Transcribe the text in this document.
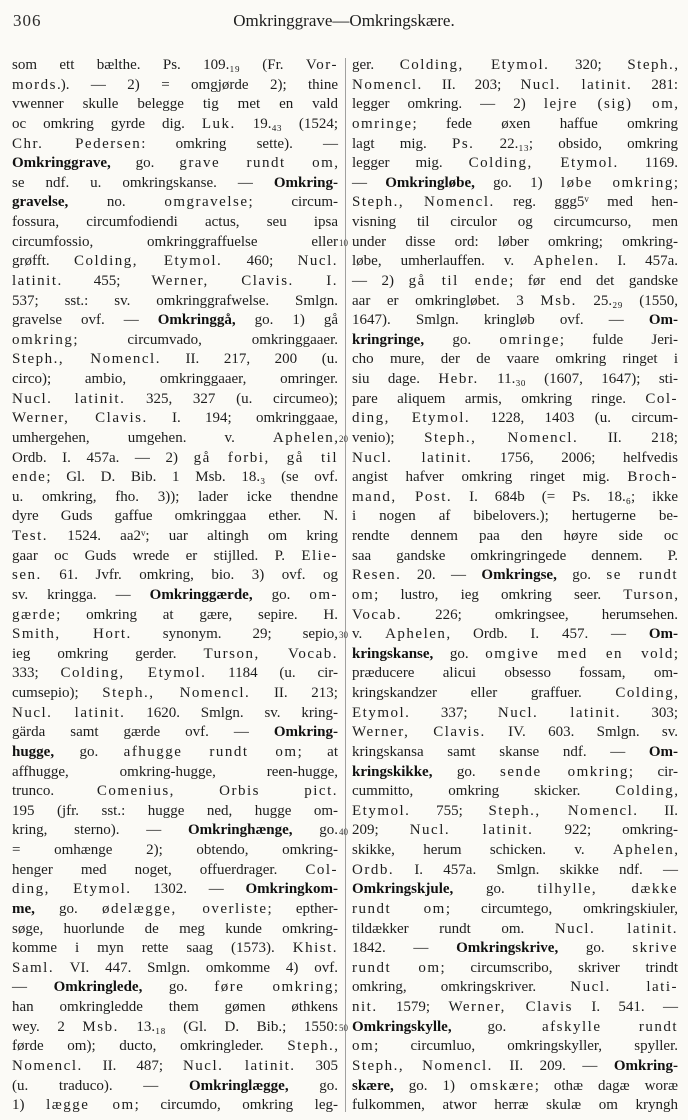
306	Omkringgrave—Omkringskære.
som ett bælthe. Ps. 109.₁₉ (Fr. Vor-
mords.). — 2) = omgjørde 2); thine
vwenner skulle belegge tig met en vald
oc omkring gyrde dig. Luk. 19.₄₃ (1524;
Chr. Pedersen: omkring sette). —
Omkringgrave, go. grave rundt om,
se ndf. u. omkringskanse. — Omkring-
gravelse, no. omgravelse; circum-
fossura, circumfodiendi actus, seu ipsa
circumfossio, omkringgraffuelse eller
grøfft. Colding, Etymol. 460; Nucl.
latinit. 455; Werner, Clavis. I.
537; sst.: sv. omkringgrafwelse. Smlgn.
gravelse ovf. — Omkringgå, go. 1) gå
omkring; circumvado, omkringgaaer.
Steph., Nomencl. II. 217, 200 (u.
circo); ambio, omkringgaaer, omringer.
Nucl. latinit. 325, 327 (u. circumeo);
Werner, Clavis. I. 194; omkringgaae,
umhergehen, umgehen. v. Aphelen,
Ordb. I. 457a. — 2) gå forbi, gå til
ende; Gl. D. Bib. 1 Msb. 18.₃ (se ovf.
u. omkring, fho. 3)); lader icke thendne
dyre Guds gaffue omkringgaa ether. N.
Test. 1524. aa2ᵛ; uar altingh om kring
gaar oc Guds wrede er stijlled. P. Elie-
sen. 61. Jvfr. omkring, bio. 3) ovf. og
sv. kringga. — Omkringgærde, go. om-
gærde; omkring at gære, sepire. H.
Smith, Hort. synonym. 29; sepio,
ieg omkring gerder. Turson, Vocab.
333; Colding, Etymol. 1184 (u. cir-
cumsepio); Steph., Nomencl. II. 213;
Nucl. latinit. 1620. Smlgn. sv. kring-
gärda samt gærde ovf. — Omkring-
hugge, go. afhugge rundt om; at
affhugge, omkring-hugge, reen-hugge,
trunco. Comenius, Orbis pict.
195 (jfr. sst.: hugge ned, hugge om-
kring, sterno). — Omkringhænge, go.
= omhænge 2); obtendo, omkring-
henger med noget, offuerdrager. Col-
ding, Etymol. 1302. — Omkringkom-
me, go. ødelægge, overliste; epther-
søge, huorlunde de meg kunde omkring-
komme i myn rette saag (1573). Khist.
Saml. VI. 447. Smlgn. omkomme 4) ovf.
— Omkringlede, go. føre omkring;
han omkringledde them gømen øthkens
wey. 2 Msb. 13.₁₈ (Gl. D. Bib.; 1550:
førde om); ducto, omkringleder. Steph.,
Nomencl. II. 487; Nucl. latinit. 305
(u. traduco). — Omkringlægge, go.
1) lægge om; circumdo, omkring leg-
ger. Colding, Etymol. 320; Steph.,
Nomencl. II. 203; Nucl. latinit. 281:
legger omkring. — 2) lejre (sig) om,
omringe; fede øxen haffue omkring
lagt mig. Ps. 22.₁₃; obsido, omkring
legger mig. Colding, Etymol. 1169.
— Omkringløbe, go. 1) løbe omkring;
Steph., Nomencl. reg. ggg5ᵛ med hen-
visning til circulor og circumcurso, men
under disse ord: løber omkring; omkring-
løbe, umherlauffen. v. Aphelen. I. 457a.
— 2) gå til ende; før end det gandske
aar er omkringløbet. 3 Msb. 25.₂₉ (1550,
1647). Smlgn. kringløb ovf. — Om-
kringringe, go. omringe; fulde Jeri-
cho mure, der de vaare omkring ringet i
siu dage. Hebr. 11.₃₀ (1607, 1647); sti-
pare aliquem armis, omkring ringe. Col-
ding, Etymol. 1228, 1403 (u. circum-
venio); Steph., Nomencl. II. 218;
Nucl. latinit. 1756, 2006; helfvedis
angist hafver omkring ringet mig. Broch-
mand, Post. I. 684b (= Ps. 18.₆; ikke
i nogen af bibelovers.); hertugerne be-
rendte dennem paa den høyre side oc
saa gandske omkringringede dennem. P.
Resen. 20. — Omkringse, go. se rundt
om; lustro, ieg omkring seer. Turson,
Vocab. 226; omkringsee, herumsehen.
v. Aphelen, Ordb. I. 457. — Om-
kringskanse, go. omgive med en vold;
præducere alicui obsesso fossam, om-
kringskandzer eller graffuer. Colding,
Etymol. 337; Nucl. latinit. 303;
Werner, Clavis. IV. 603. Smlgn. sv.
kringskansa samt skanse ndf. — Om-
kringskikke, go. sende omkring; cir-
cummitto, omkring skicker. Colding,
Etymol. 755; Steph., Nomencl. II.
209; Nucl. latinit. 922; omkring-
skikke, herum schicken. v. Aphelen,
Ordb. I. 457a. Smlgn. skikke ndf. —
Omkringskjule, go. tilhylle, dække
rundt om; circumtego, omkringskiuler,
tildækker rundt om. Nucl. latinit.
1842. — Omkringskrive, go. skrive
rundt om; circumscribo, skriver trindt
omkring, omkringskriver. Nucl. lati-
nit. 1579; Werner, Clavis I. 541. —
Omkringskylle, go. afskylle rundt
om; circumluo, omkringskyller, spyller.
Steph., Nomencl. II. 209. — Omkring-
skære, go. 1) omskære; othæ dagæ woræ
fulkommen, atwor herræ skulæ om kryngh
10
20
30
40
50
